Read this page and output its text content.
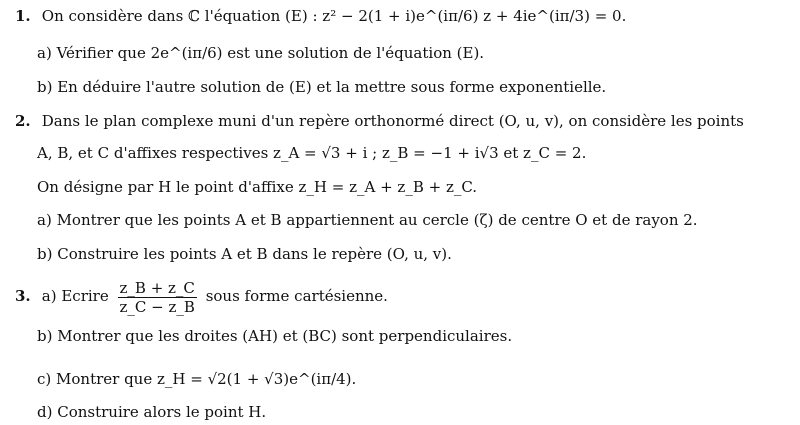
1. On considère dans ℂ l'équation (E) : z² − 2(1 + i)e^(iπ/6) z + 4ie^(iπ/3) = 0.
a) Vérifier que 2e^(iπ/6) est une solution de l'équation (E).
b) En déduire l'autre solution de (E) et la mettre sous forme exponentielle.
2. Dans le plan complexe muni d'un repère orthonormé direct (O, u, v), on considère les points
A, B, et C d'affixes respectives z_A = √3 + i ; z_B = −1 + i√3 et z_C = 2.
On désigne par H le point d'affixe z_H = z_A + z_B + z_C.
a) Montrer que les points A et B appartiennent au cercle (ζ) de centre O et de rayon 2.
b) Construire les points A et B dans le repère (O, u, v).
3. a) Ecrire $\frac{z\_B + z\_C}{z\_C - z\_B}$ sous forme cartésienne.
b) Montrer que les droites (AH) et (BC) sont perpendiculaires.
c) Montrer que z_H = √2(1 + √3)e^(iπ/4).
d) Construire alors le point H.
